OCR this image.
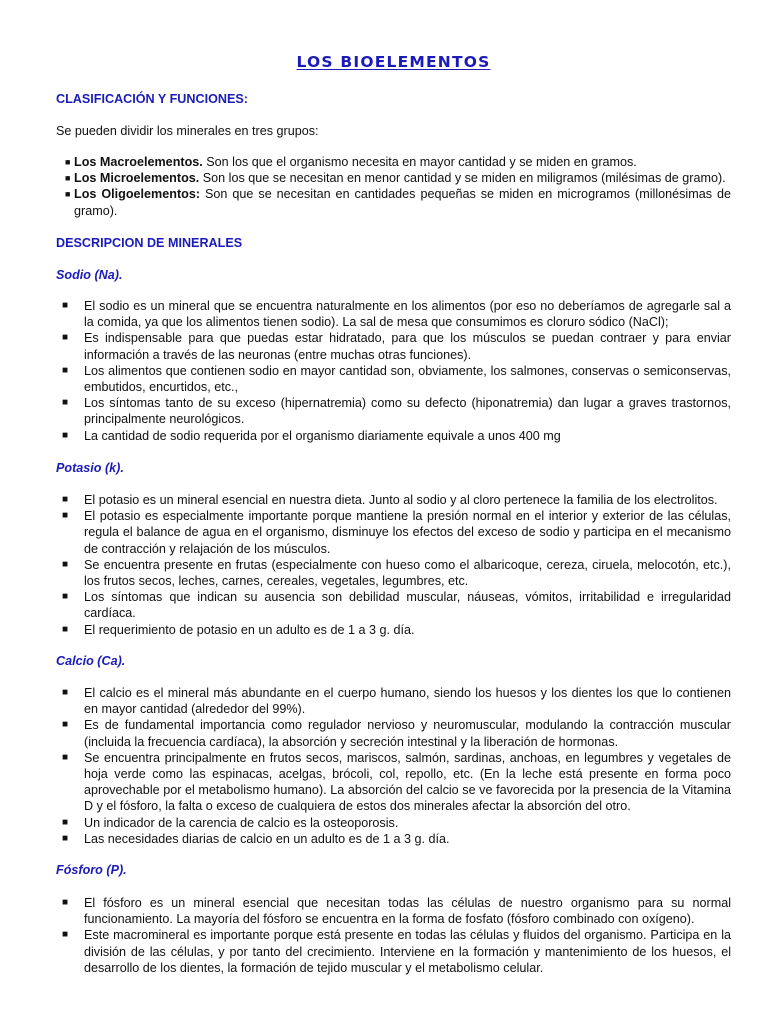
LOS BIOELEMENTOS
CLASIFICACIÓN Y FUNCIONES:
Se pueden dividir los minerales en tres grupos:
■ Los Macroelementos. Son los que el organismo necesita en mayor cantidad y se miden en gramos.
■ Los Microelementos. Son los que se necesitan en menor cantidad y se miden en miligramos (milésimas de gramo).
■ Los Oligoelementos: Son que se necesitan en cantidades pequeñas se miden en microgramos (millonésimas de gramo).
DESCRIPCION DE MINERALES
Sodio (Na).
■ El sodio es un mineral que se encuentra naturalmente en los alimentos (por eso no deberíamos de agregarle sal a la comida, ya que los alimentos tienen sodio). La sal de mesa que consumimos es cloruro sódico (NaCl);
■ Es indispensable para que puedas estar hidratado, para que los músculos se puedan contraer y para enviar información a través de las neuronas (entre muchas otras funciones).
■ Los alimentos que contienen sodio en mayor cantidad son, obviamente, los salmones, conservas o semiconservas, embutidos, encurtidos, etc.,
■ Los síntomas tanto de su exceso (hipernatremia) como su defecto (hiponatremia) dan lugar a graves trastornos, principalmente neurológicos.
■ La cantidad de sodio requerida por el organismo diariamente equivale a unos 400 mg
Potasio (k).
■ El potasio es un mineral esencial en nuestra dieta. Junto al sodio y al cloro pertenece la familia de los electrolitos.
■ El potasio es especialmente importante porque mantiene la presión normal en el interior y exterior de las células, regula el balance de agua en el organismo, disminuye los efectos del exceso de sodio y participa en el mecanismo de contracción y relajación de los músculos.
■ Se encuentra presente en frutas (especialmente con hueso como el albaricoque, cereza, ciruela, melocotón, etc.), los frutos secos, leches, carnes, cereales, vegetales, legumbres, etc.
■ Los síntomas que indican su ausencia son debilidad muscular, náuseas, vómitos, irritabilidad e irregularidad cardíaca.
■ El requerimiento de potasio en un adulto es de 1 a 3 g. día.
Calcio (Ca).
■ El calcio es el mineral más abundante en el cuerpo humano, siendo los huesos y los dientes los que lo contienen en mayor cantidad (alrededor del 99%).
■ Es de fundamental importancia como regulador nervioso y neuromuscular, modulando la contracción muscular (incluida la frecuencia cardíaca), la absorción y secreción intestinal y la liberación de hormonas.
■ Se encuentra principalmente en frutos secos, mariscos, salmón, sardinas, anchoas, en legumbres y vegetales de hoja verde como las espinacas, acelgas, brócoli, col, repollo, etc. (En la leche está presente en forma poco aprovechable por el metabolismo humano). La absorción del calcio se ve favorecida por la presencia de la Vitamina D y el fósforo, la falta o exceso de cualquiera de estos dos minerales afectar la absorción del otro.
■ Un indicador de la carencia de calcio es la osteoporosis.
■ Las necesidades diarias de calcio en un adulto es de 1 a 3 g. día.
Fósforo (P).
■ El fósforo es un mineral esencial que necesitan todas las células de nuestro organismo para su normal funcionamiento. La mayoría del fósforo se encuentra en la forma de fosfato (fósforo combinado con oxígeno).
■ Este macromineral es importante porque está presente en todas las células y fluidos del organismo. Participa en la división de las células, y por tanto del crecimiento. Interviene en la formación y mantenimiento de los huesos, el desarrollo de los dientes, la formación de tejido muscular y el metabolismo celular.
